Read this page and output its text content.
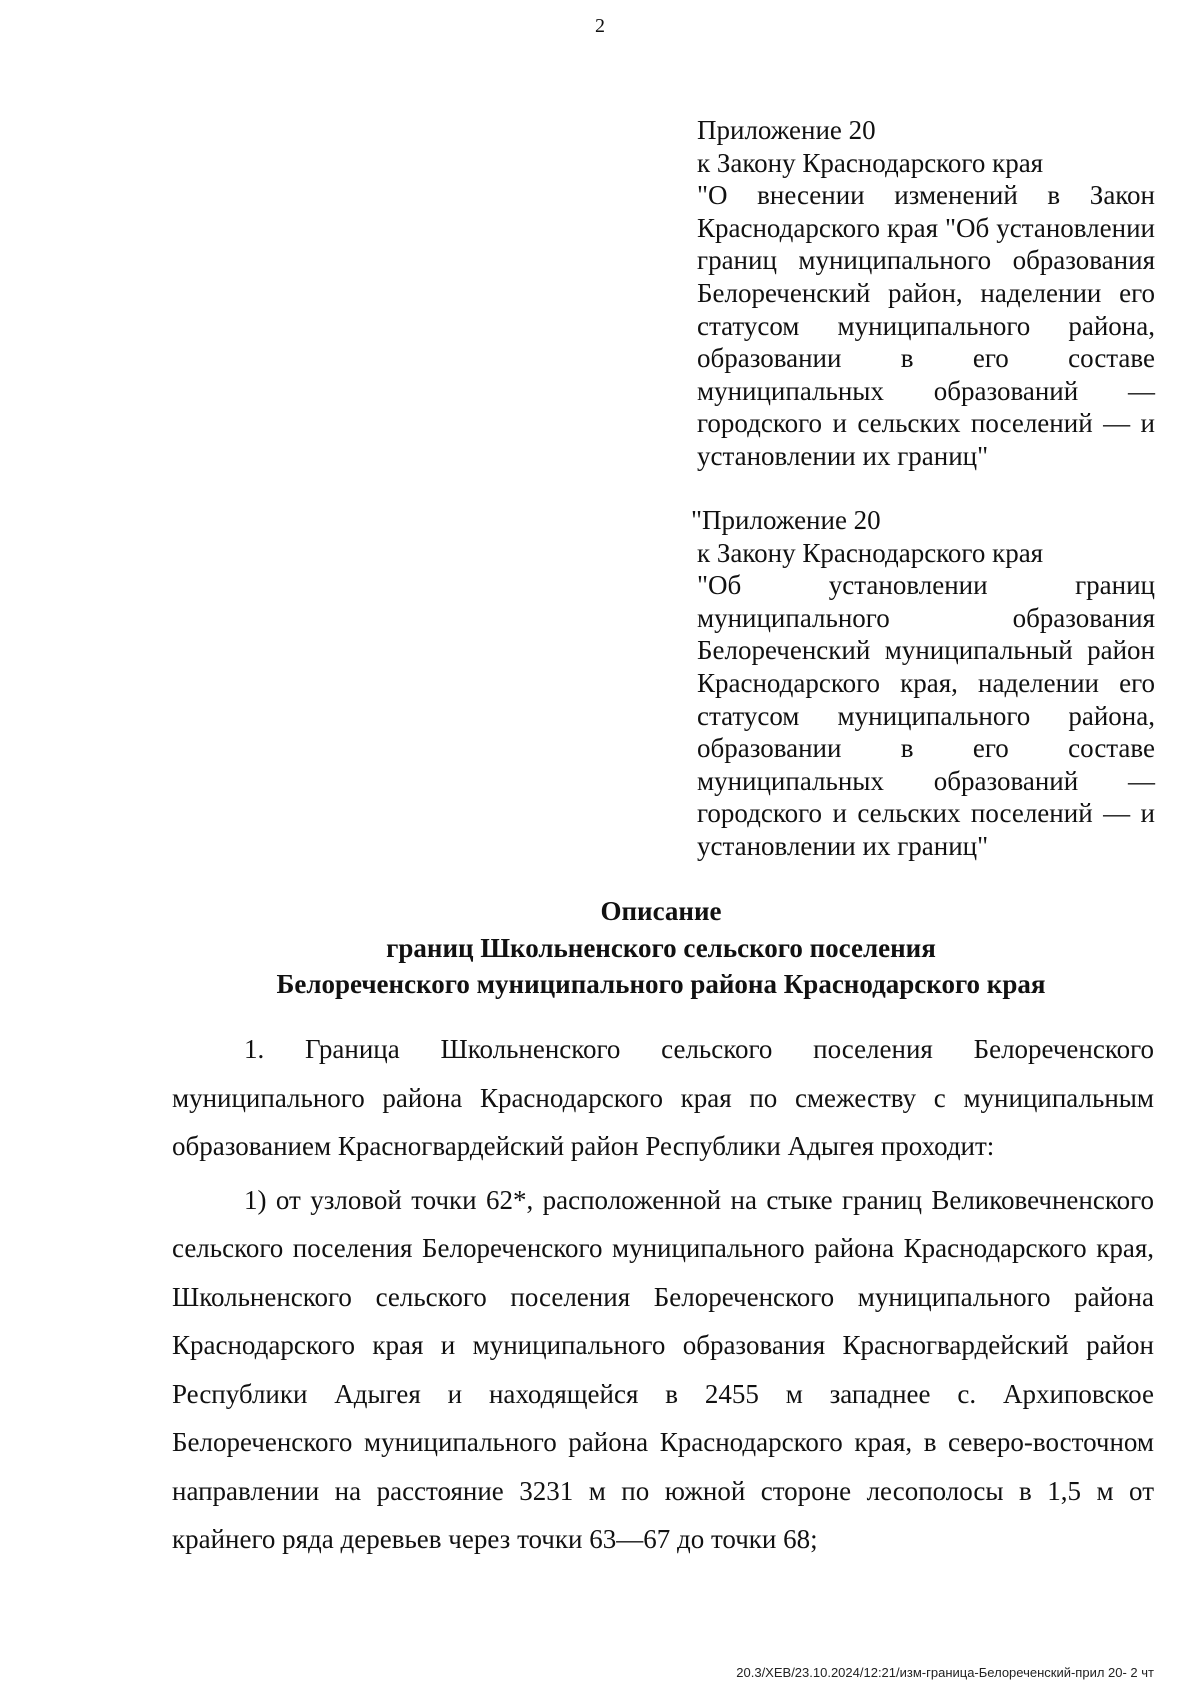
2

Приложение 20

к Закону Краснодарского края

"О внесении изменений в Закон Краснодарского края "Об установлении границ муниципального образования Белореченский район, наделении его статусом муниципального района, образовании в его составе муниципальных образований — городского и сельских поселений — и установлении их границ"

"Приложение 20

к Закону Краснодарского края

"Об установлении границ муниципального образования Белореченский муниципальный район Краснодарского края, наделении его статусом муниципального района, образовании в его составе муниципальных образований — городского и сельских поселений — и установлении их границ"

Описание
границ Школьненского сельского поселения
Белореченского муниципального района Краснодарского края

1. Граница Школьненского сельского поселения Белореченского муниципального района Краснодарского края по смежеству с муниципальным образованием Красногвардейский район Республики Адыгея проходит:

1) от узловой точки 62*, расположенной на стыке границ Великовечненского сельского поселения Белореченского муниципального района Краснодарского края, Школьненского сельского поселения Белореченского муниципального района Краснодарского края и муниципального образования Красногвардейский район Республики Адыгея и находящейся в 2455 м западнее с. Архиповское Белореченского муниципального района Краснодарского края, в северо-восточном направлении на расстояние 3231 м по южной стороне лесополосы в 1,5 м от крайнего ряда деревьев через точки 63—67 до точки 68;

20.3/ХЕВ/23.10.2024/12:21/изм-граница-Белореченский-прил 20- 2 чт
